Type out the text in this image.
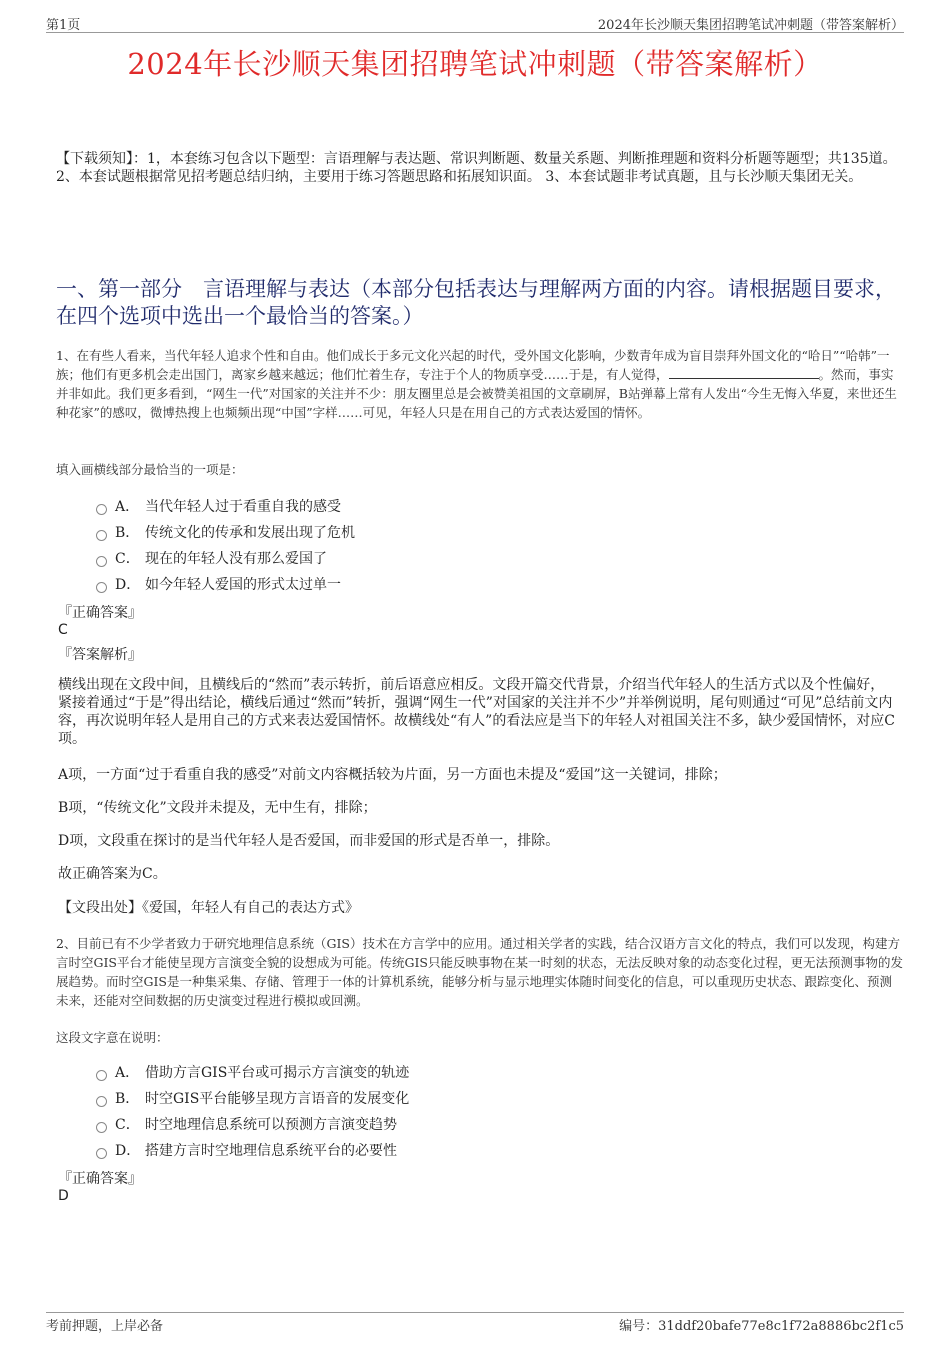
第1页	2024年长沙顺天集团招聘笔试冲刺题（带答案解析）
2024年长沙顺天集团招聘笔试冲刺题（带答案解析）
【下载须知】：1，本套练习包含以下题型：言语理解与表达题、常识判断题、数量关系题、判断推理题和资料分析题等题型；共135道。 2、本套试题根据常见招考题总结归纳，主要用于练习答题思路和拓展知识面。 3、本套试题非考试真题，且与长沙顺天集团无关。
一、第一部分　言语理解与表达（本部分包括表达与理解两方面的内容。请根据题目要求，在四个选项中选出一个最恰当的答案。）
1、在有些人看来，当代年轻人追求个性和自由。他们成长于多元文化兴起的时代，受外国文化影响，少数青年成为盲目崇拜外国文化的“哈日”“哈韩”一族；他们有更多机会走出国门，离家乡越来越远；他们忙着生存，专注于个人的物质享受……于是，有人觉得，	。然而，事实并非如此。我们更多看到，“网生一代”对国家的关注并不少：朋友圈里总是会被赞美祖国的文章刷屏，B站弹幕上常有人发出“今生无悔入华夏，来世还生种花家”的感叹，微博热搜上也频频出现“中国”字样……可见，年轻人只是在用自己的方式表达爱国的情怀。
填入画横线部分最恰当的一项是：
A． 当代年轻人过于看重自我的感受
B． 传统文化的传承和发展出现了危机
C． 现在的年轻人没有那么爱国了
D． 如今年轻人爱国的形式太过单一
『正确答案』
C
『答案解析』
横线出现在文段中间，且横线后的“然而”表示转折，前后语意应相反。文段开篇交代背景，介绍当代年轻人的生活方式以及个性偏好，紧接着通过“于是”得出结论，横线后通过“然而”转折，强调“网生一代”对国家的关注并不少”并举例说明，尾句则通过“可见”总结前文内容，再次说明年轻人是用自己的方式来表达爱国情怀。故横线处“有人”的看法应是当下的年轻人对祖国关注不多，缺少爱国情怀，对应C项。
A项，一方面“过于看重自我的感受”对前文内容概括较为片面，另一方面也未提及“爱国”这一关键词，排除；
B项，“传统文化”文段并未提及，无中生有，排除；
D项，文段重在探讨的是当代年轻人是否爱国，而非爱国的形式是否单一，排除。
故正确答案为C。
【文段出处】《爱国，年轻人有自己的表达方式》
2、目前已有不少学者致力于研究地理信息系统（GIS）技术在方言学中的应用。通过相关学者的实践，结合汉语方言文化的特点，我们可以发现，构建方言时空GIS平台才能使呈现方言演变全貌的设想成为可能。传统GIS只能反映事物在某一时刻的状态，无法反映对象的动态变化过程，更无法预测事物的发展趋势。而时空GIS是一种集采集、存储、管理于一体的计算机系统，能够分析与显示地理实体随时间变化的信息，可以重现历史状态、跟踪变化、预测未来，还能对空间数据的历史演变过程进行模拟或回溯。
这段文字意在说明：
A． 借助方言GIS平台或可揭示方言演变的轨迹
B． 时空GIS平台能够呈现方言语音的发展变化
C． 时空地理信息系统可以预测方言演变趋势
D． 搭建方言时空地理信息系统平台的必要性
『正确答案』
D
考前押题，上岸必备	编号：31ddf20bafe77e8c1f72a8886bc2f1c5
